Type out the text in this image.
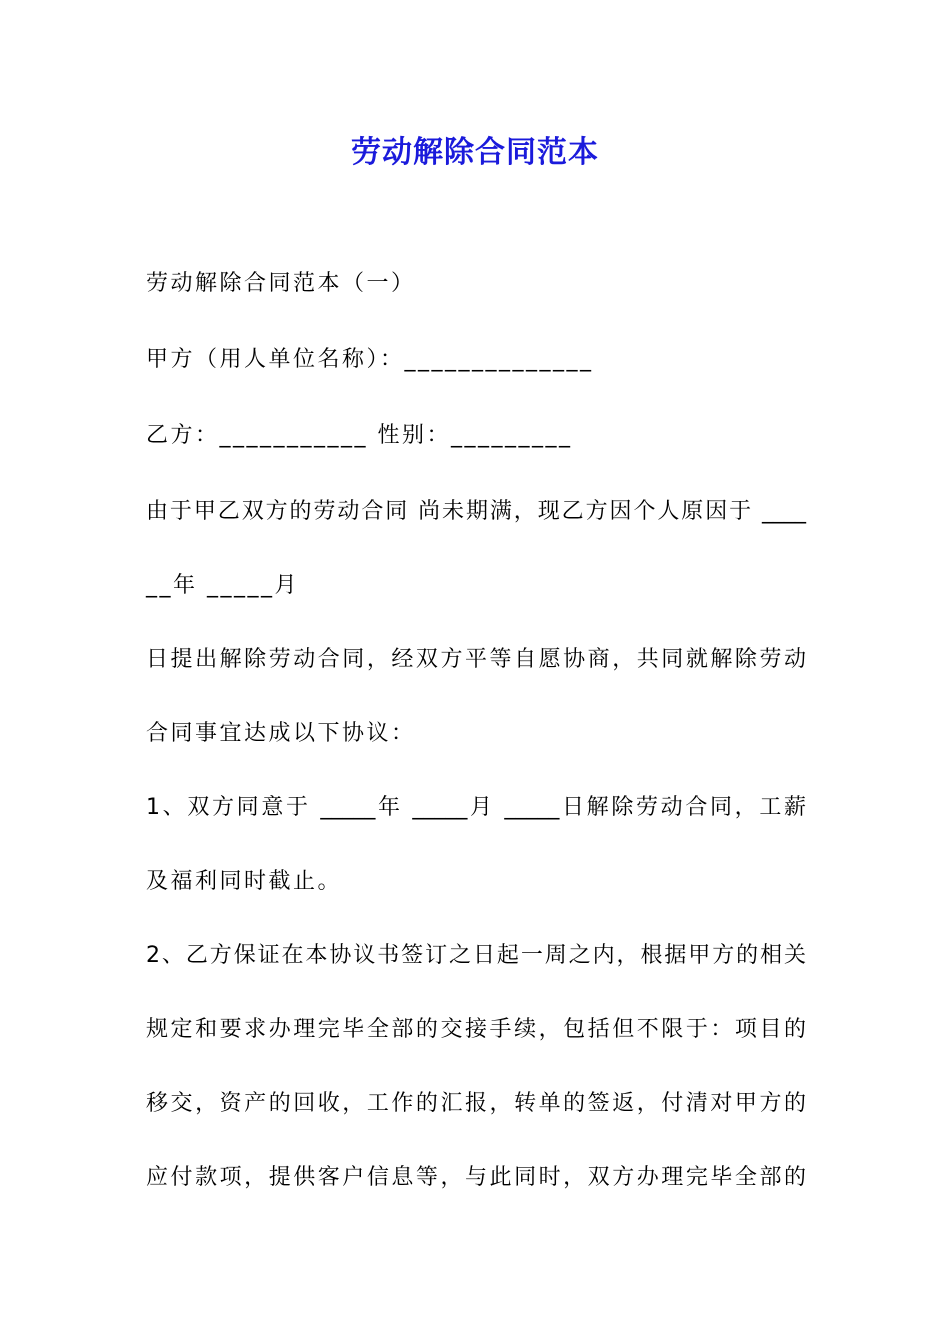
劳动解除合同范本
劳动解除合同范本（一）
甲方（用人单位名称）：______________
乙方：___________ 性别：_________
由于甲乙双方的劳动合同 尚未期满，现乙方因个人原因于 ____
__年 _____月
日提出解除劳动合同，经双方平等自愿协商，共同就解除劳动
合同事宜达成以下协议：
1、双方同意于 _____年 _____月 _____日解除劳动合同，工薪
及福利同时截止。
2、乙方保证在本协议书签订之日起一周之内，根据甲方的相关
规定和要求办理完毕全部的交接手续，包括但不限于：项目的
移交，资产的回收，工作的汇报，转单的签返，付清对甲方的
应付款项，提供客户信息等，与此同时，双方办理完毕全部的
